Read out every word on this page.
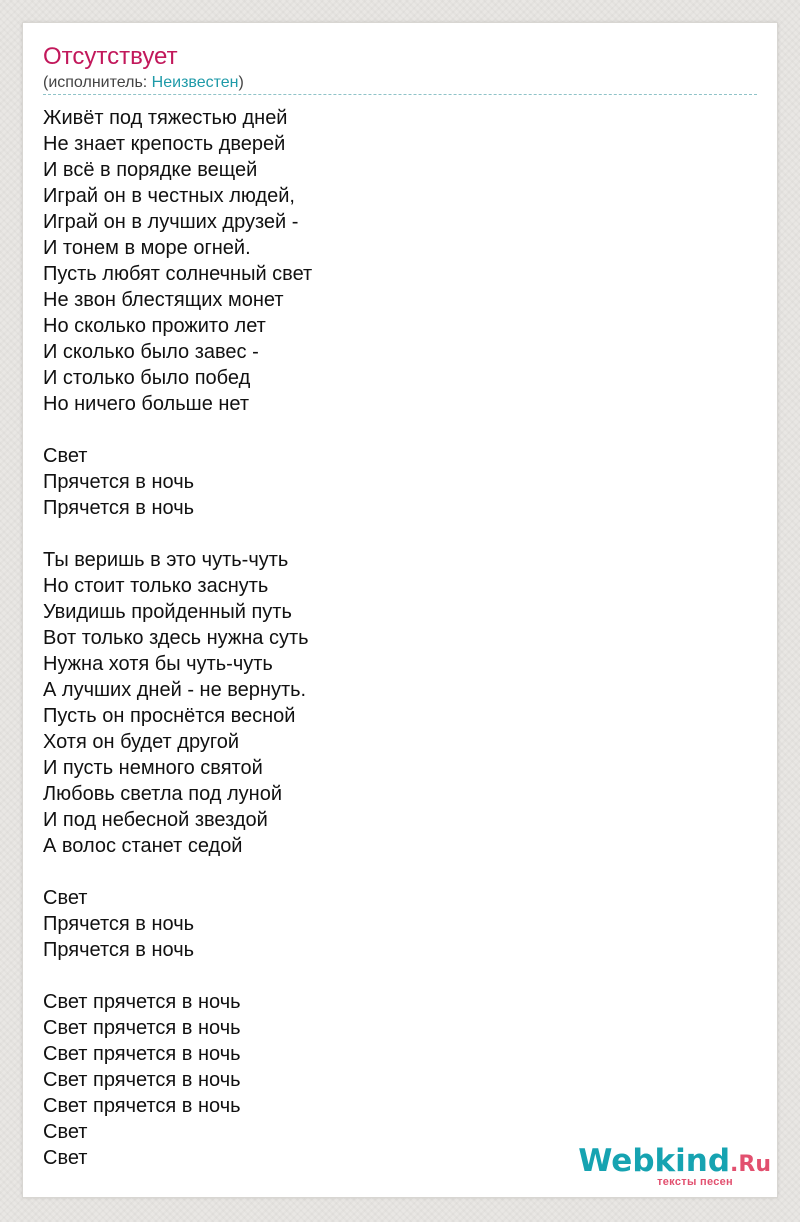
Отсутствует
(исполнитель: Неизвестен)
Живёт под тяжестью дней
Не знает крепость дверей
И всё в порядке вещей
Играй он в честных людей,
Играй он в лучших друзей -
И тонем в море огней.
Пусть любят солнечный свет
Не звон блестящих монет
Но сколько прожито лет
И сколько было завес -
И столько было побед
Но ничего больше нет
Свет
Прячется в ночь
Прячется в ночь
Ты веришь в это чуть-чуть
Но стоит только заснуть
Увидишь пройденный путь
Вот только здесь нужна суть
Нужна хотя бы чуть-чуть
А лучших дней - не вернуть.
Пусть он проснётся весной
Хотя он будет другой
И пусть немного святой
Любовь светла под луной
И под небесной звездой
А волос станет седой
Свет
Прячется в ночь
Прячется в ночь
Свет прячется в ночь
Свет прячется в ночь
Свет прячется в ночь
Свет прячется в ночь
Свет прячется в ночь
Свет
Свет	Webkind.Ru
тексты песен
